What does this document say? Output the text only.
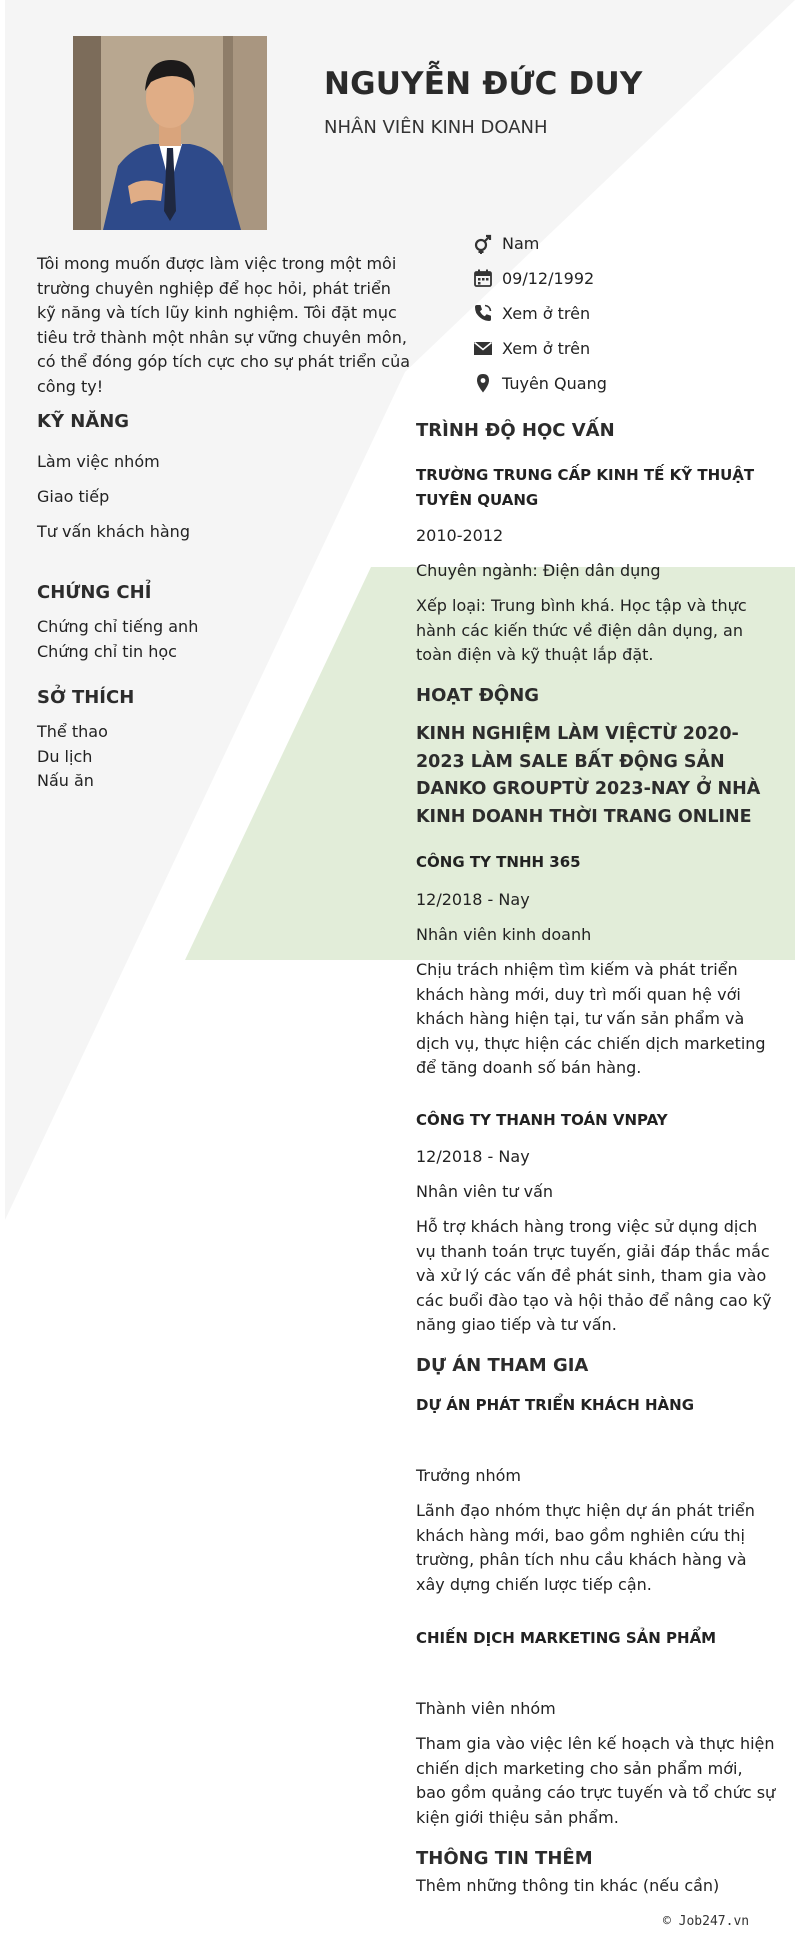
NGUYỄN ĐỨC DUY
NHÂN VIÊN KINH DOANH
Tôi mong muốn được làm việc trong một môi trường chuyên nghiệp để học hỏi, phát triển kỹ năng và tích lũy kinh nghiệm. Tôi đặt mục tiêu trở thành một nhân sự vững chuyên môn, có thể đóng góp tích cực cho sự phát triển của công ty!
Nam
09/12/1992
Xem ở trên
Xem ở trên
Tuyên Quang
KỸ NĂNG
Làm việc nhóm
Giao tiếp
Tư vấn khách hàng
CHỨNG CHỈ
Chứng chỉ tiếng anh
Chứng chỉ tin học
SỞ THÍCH
Thể thao
Du lịch
Nấu ăn
TRÌNH ĐỘ HỌC VẤN
TRƯỜNG TRUNG CẤP KINH TẾ KỸ THUẬT TUYÊN QUANG
2010-2012
Chuyên ngành: Điện dân dụng
Xếp loại: Trung bình khá. Học tập và thực hành các kiến thức về điện dân dụng, an toàn điện và kỹ thuật lắp đặt.
HOẠT ĐỘNG
KINH NGHIỆM LÀM VIỆCTỪ 2020-2023 LÀM SALE BẤT ĐỘNG SẢN DANKO GROUPTỪ 2023-NAY Ở NHÀ KINH DOANH THỜI TRANG ONLINE
CÔNG TY TNHH 365
12/2018 - Nay
Nhân viên kinh doanh
Chịu trách nhiệm tìm kiếm và phát triển khách hàng mới, duy trì mối quan hệ với khách hàng hiện tại, tư vấn sản phẩm và dịch vụ, thực hiện các chiến dịch marketing để tăng doanh số bán hàng.
CÔNG TY THANH TOÁN VNPAY
12/2018 - Nay
Nhân viên tư vấn
Hỗ trợ khách hàng trong việc sử dụng dịch vụ thanh toán trực tuyến, giải đáp thắc mắc và xử lý các vấn đề phát sinh, tham gia vào các buổi đào tạo và hội thảo để nâng cao kỹ năng giao tiếp và tư vấn.
DỰ ÁN THAM GIA
DỰ ÁN PHÁT TRIỂN KHÁCH HÀNG
Trưởng nhóm
Lãnh đạo nhóm thực hiện dự án phát triển khách hàng mới, bao gồm nghiên cứu thị trường, phân tích nhu cầu khách hàng và xây dựng chiến lược tiếp cận.
CHIẾN DỊCH MARKETING SẢN PHẨM
Thành viên nhóm
Tham gia vào việc lên kế hoạch và thực hiện chiến dịch marketing cho sản phẩm mới, bao gồm quảng cáo trực tuyến và tổ chức sự kiện giới thiệu sản phẩm.
THÔNG TIN THÊM
Thêm những thông tin khác (nếu cần)
© Job247.vn
